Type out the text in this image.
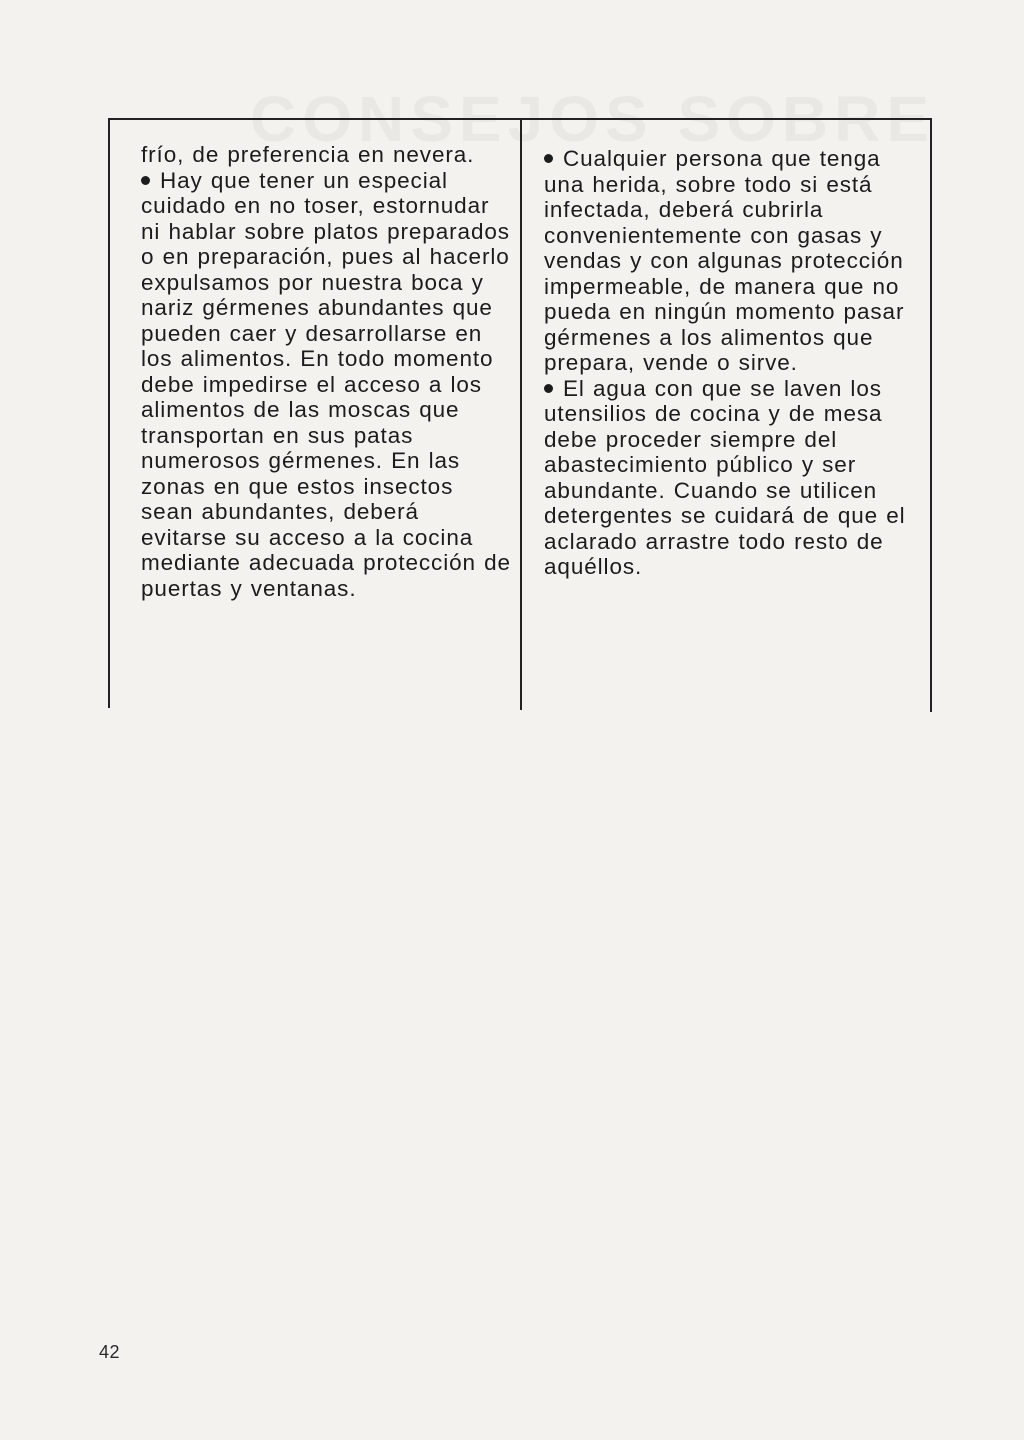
frío, de preferencia en nevera.

Hay que tener un especial cuidado en no toser, estornudar ni hablar sobre platos preparados o en preparación, pues al hacerlo expulsamos por nuestra boca y nariz gérmenes abundantes que pueden caer y desarrollarse en los alimentos. En todo momento debe impedirse el acceso a los alimentos de las moscas que transportan en sus patas numerosos gérmenes. En las zonas en que estos insectos sean abundantes, deberá evitarse su acceso a la cocina mediante adecuada protección de puertas y ventanas.

Cualquier persona que tenga una herida, sobre todo si está infectada, deberá cubrirla convenientemente con gasas y vendas y con algunas protección impermeable, de manera que no pueda en ningún momento pasar gérmenes a los alimentos que prepara, vende o sirve.

El agua con que se laven los utensilios de cocina y de mesa debe proceder siempre del abastecimiento público y ser abundante. Cuando se utilicen detergentes se cuidará de que el aclarado arrastre todo resto de aquéllos.

42
